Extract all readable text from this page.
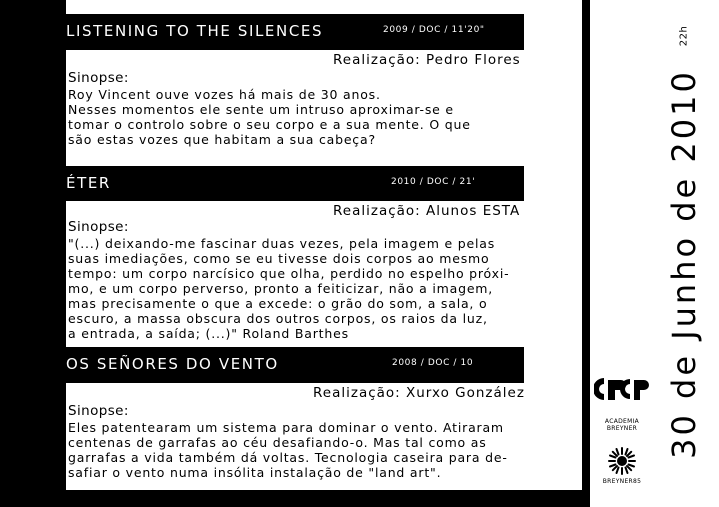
LISTENING TO THE SILENCES	2009 / DOC / 11'20"
Realização: Pedro Flores
Sinopse:
Roy Vincent ouve vozes há mais de 30 anos.
Nesses momentos ele sente um intruso aproximar-se e
tomar o controlo sobre o seu corpo e a sua mente. O que
são estas vozes que habitam a sua cabeça?
ÉTER	2010 / DOC / 21'
Realização: Alunos ESTA
Sinopse:
"(...) deixando-me fascinar duas vezes, pela imagem e pelas
suas imediações, como se eu tivesse dois corpos ao mesmo
tempo: um corpo narcísico que olha, perdido no espelho próxi-
mo, e um corpo perverso, pronto a feiticizar, não a imagem,
mas precisamente o que a excede: o grão do som, a sala, o
escuro, a massa obscura dos outros corpos, os raios da luz,
a entrada, a saída; (...)" Roland Barthes
OS SEÑORES DO VENTO	2008 / DOC / 10
Realização: Xurxo González
Sinopse:
Eles patentearam um sistema para dominar o vento. Atiraram
centenas de garrafas ao céu desafiando-o. Mas tal como as
garrafas a vida também dá voltas. Tecnologia caseira para de-
safiar o vento numa insólita instalação de "land art".
22h
30 de Junho de 2010
ACADEMIA BREYNER
BREYNER85
